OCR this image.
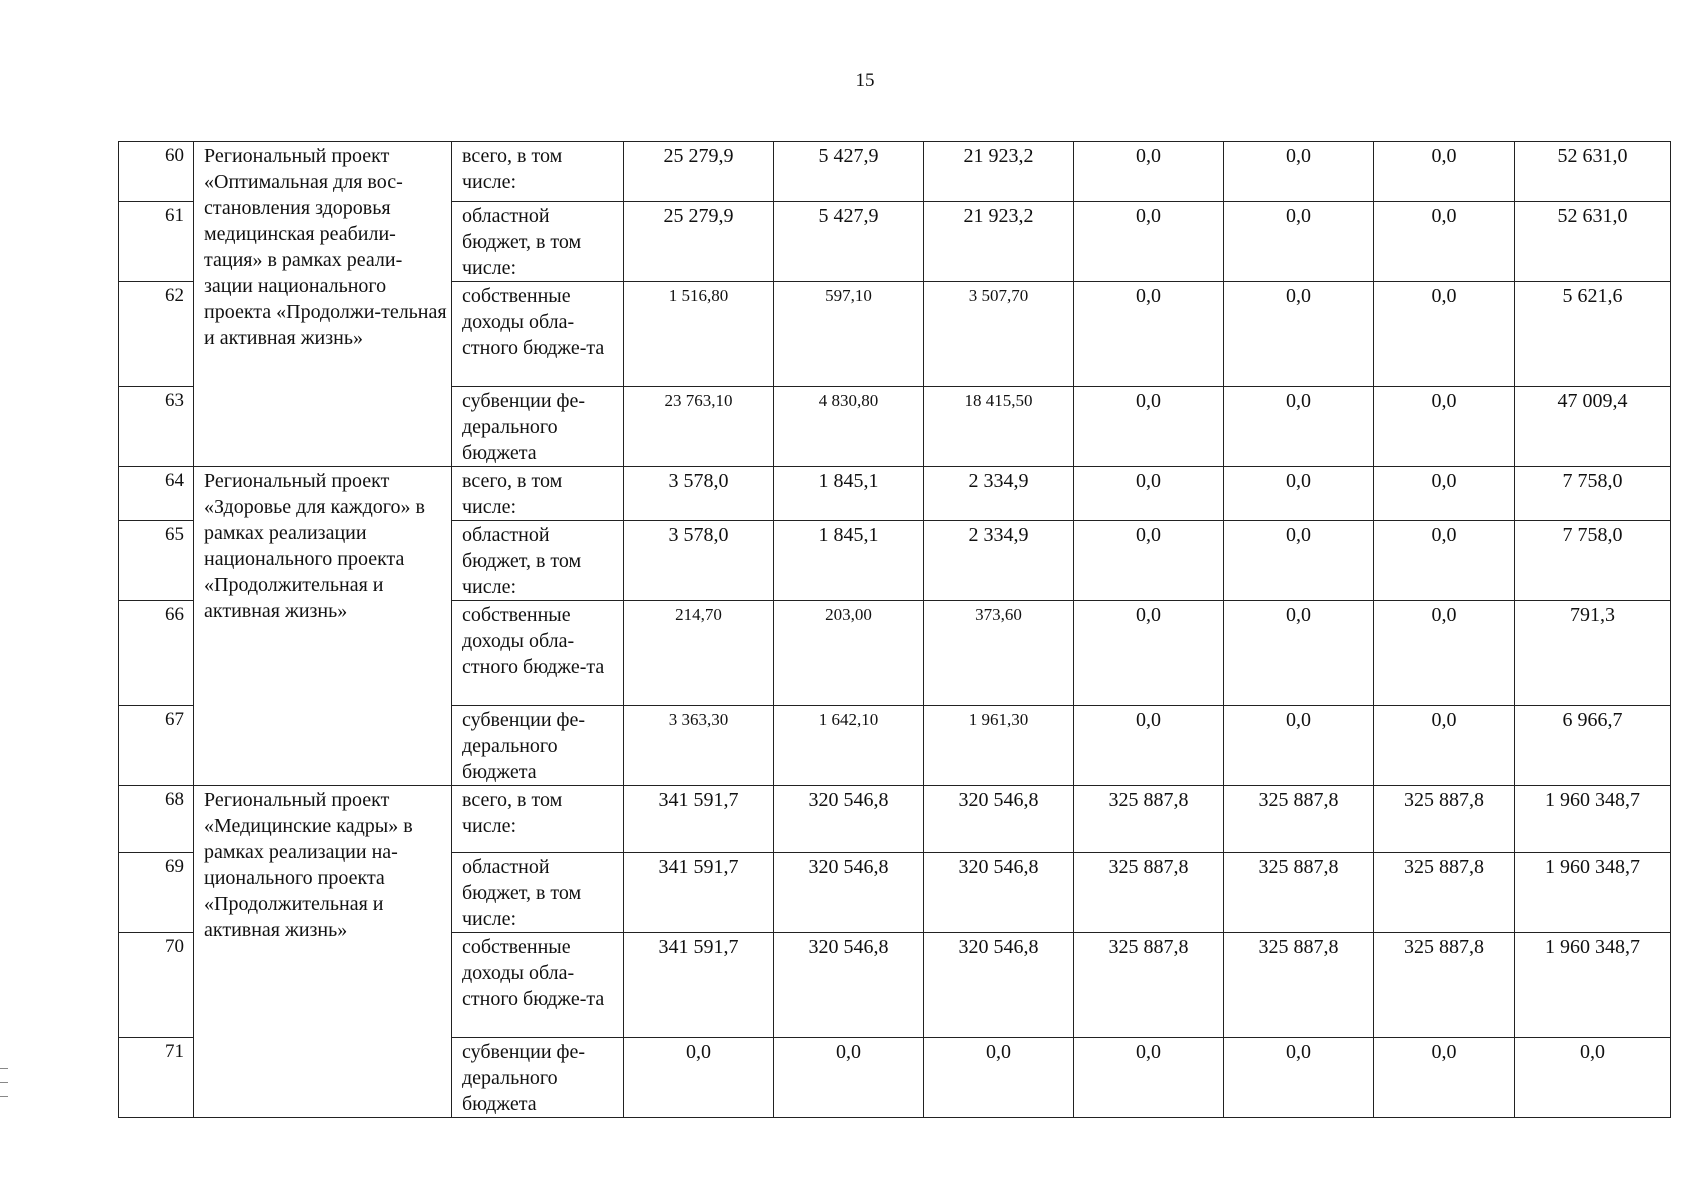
15
60	Региональный проект «Оптимальная для вос-становления здоровья медицинская реабили-тация» в рамках реали-зации национального проекта «Продолжи-тельная и активная жизнь»	всего, в том числе:	25 279,9	5 427,9	21 923,2	0,0	0,0	0,0	52 631,0
61		областной бюджет, в том числе:	25 279,9	5 427,9	21 923,2	0,0	0,0	0,0	52 631,0
62		собственные доходы обла-стного бюдже-та	1 516,80	597,10	3 507,70	0,0	0,0	0,0	5 621,6
63		субвенции фе-дерального бюджета	23 763,10	4 830,80	18 415,50	0,0	0,0	0,0	47 009,4
64	Региональный проект «Здоровье для каждого» в рамках реализации национального проекта «Продолжительная и активная жизнь»	всего, в том числе:	3 578,0	1 845,1	2 334,9	0,0	0,0	0,0	7 758,0
65		областной бюджет, в том числе:	3 578,0	1 845,1	2 334,9	0,0	0,0	0,0	7 758,0
66		собственные доходы обла-стного бюдже-та	214,70	203,00	373,60	0,0	0,0	0,0	791,3
67		субвенции фе-дерального бюджета	3 363,30	1 642,10	1 961,30	0,0	0,0	0,0	6 966,7
68	Региональный проект «Медицинские кадры» в рамках реализации на-ционального проекта «Продолжительная и активная жизнь»	всего, в том числе:	341 591,7	320 546,8	320 546,8	325 887,8	325 887,8	325 887,8	1 960 348,7
69		областной бюджет, в том числе:	341 591,7	320 546,8	320 546,8	325 887,8	325 887,8	325 887,8	1 960 348,7
70		собственные доходы обла-стного бюдже-та	341 591,7	320 546,8	320 546,8	325 887,8	325 887,8	325 887,8	1 960 348,7
71		субвенции фе-дерального бюджета	0,0	0,0	0,0	0,0	0,0	0,0	0,0
